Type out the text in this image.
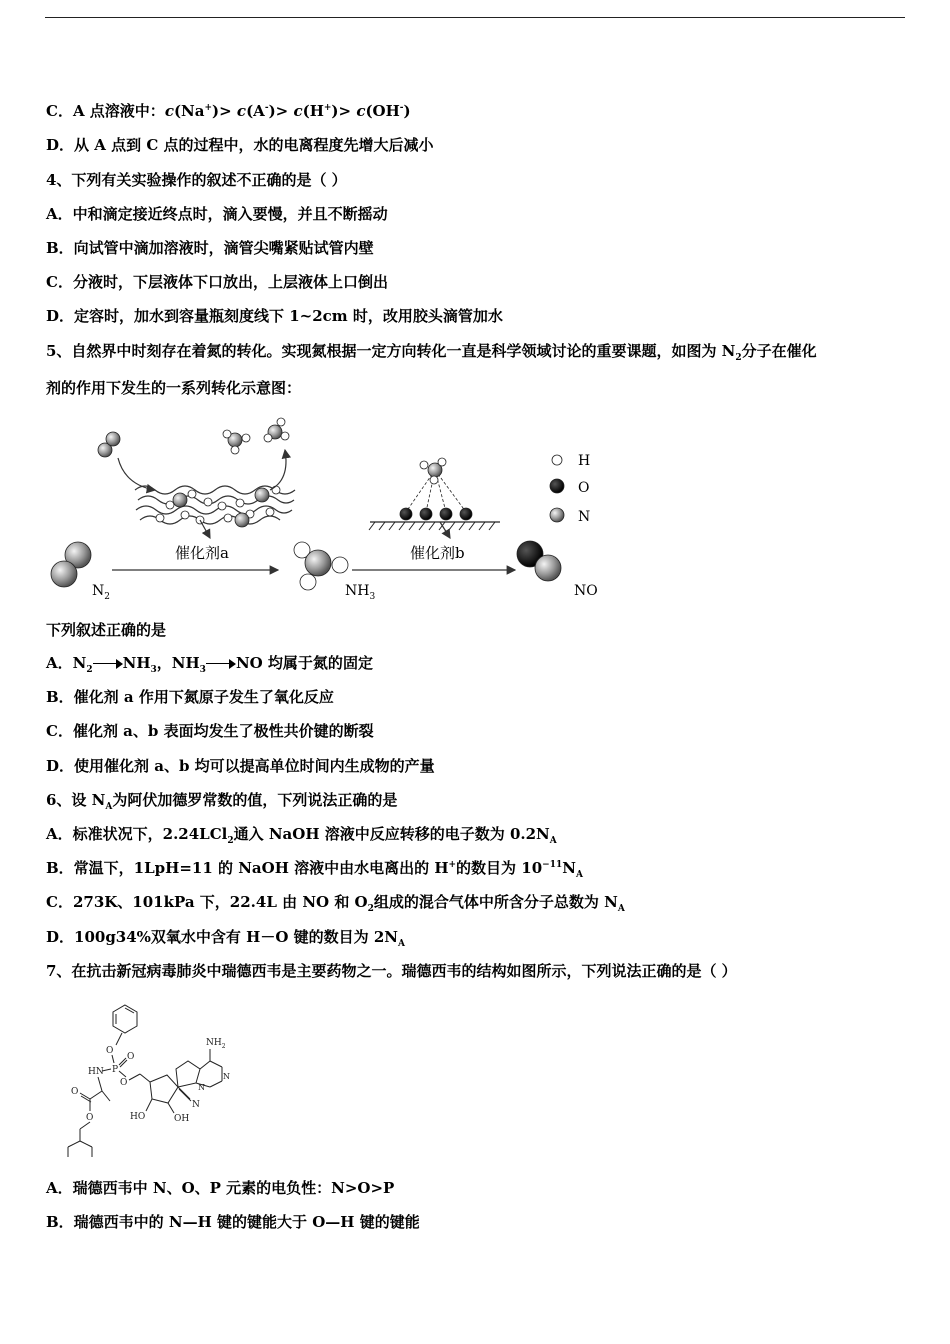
C．A 点溶液中：c(Na+)> c(A-)> c(H+)> c(OH-)
D．从 A 点到 C 点的过程中，水的电离程度先增大后减小
4、下列有关实验操作的叙述不正确的是（ ）
A．中和滴定接近终点时，滴入要慢，并且不断摇动
B．向试管中滴加溶液时，滴管尖嘴紧贴试管内壁
C．分液时，下层液体下口放出，上层液体上口倒出
D．定容时，加水到容量瓶刻度线下 1~2cm 时，改用胶头滴管加水
5、自然界中时刻存在着氮的转化。实现氮根据一定方向转化一直是科学领域讨论的重要课题，如图为 $N_2$分子在催化
剂的作用下发生的一系列转化示意图：
催化剂a
$N_2$	$NH_3$
催化剂b
NO
H
O
N
下列叙述正确的是
A．$N_2$ $NH_3$，$NH_3$ NO 均属于氮的固定
B．催化剂 a 作用下氮原子发生了氧化反应
C．催化剂 a、b 表面均发生了极性共价键的断裂
D．使用催化剂 a、b 均可以提高单位时间内生成物的产量
6、设 $N_A$为阿伏加德罗常数的值，下列说法正确的是
A．标准状况下，2.24LCl$_2$通入 NaOH 溶液中反应转移的电子数为 $0.2N_A$
B．常温下，1LpH=11 的 NaOH 溶液中由水电离出的 H+的数目为 $10^{-11}N_A$
C．273K、101kPa 下，22.4L 由 NO 和 $O_2$组成的混合气体中所含分子总数为 $N_A$
D．100g34%双氧水中含有 H－O 键的数目为 $2N_A$
7、在抗击新冠病毒肺炎中瑞德西韦是主要药物之一。瑞德西韦的结构如图所示，下列说法正确的是（ ）
O
P
O
HN
O
O
O	HO	OH
N
N
N
$NH_2$
A．瑞德西韦中 N、O、P 元素的电负性：N>O>P
B．瑞德西韦中的 N—H 键的键能大于 O—H 键的键能
